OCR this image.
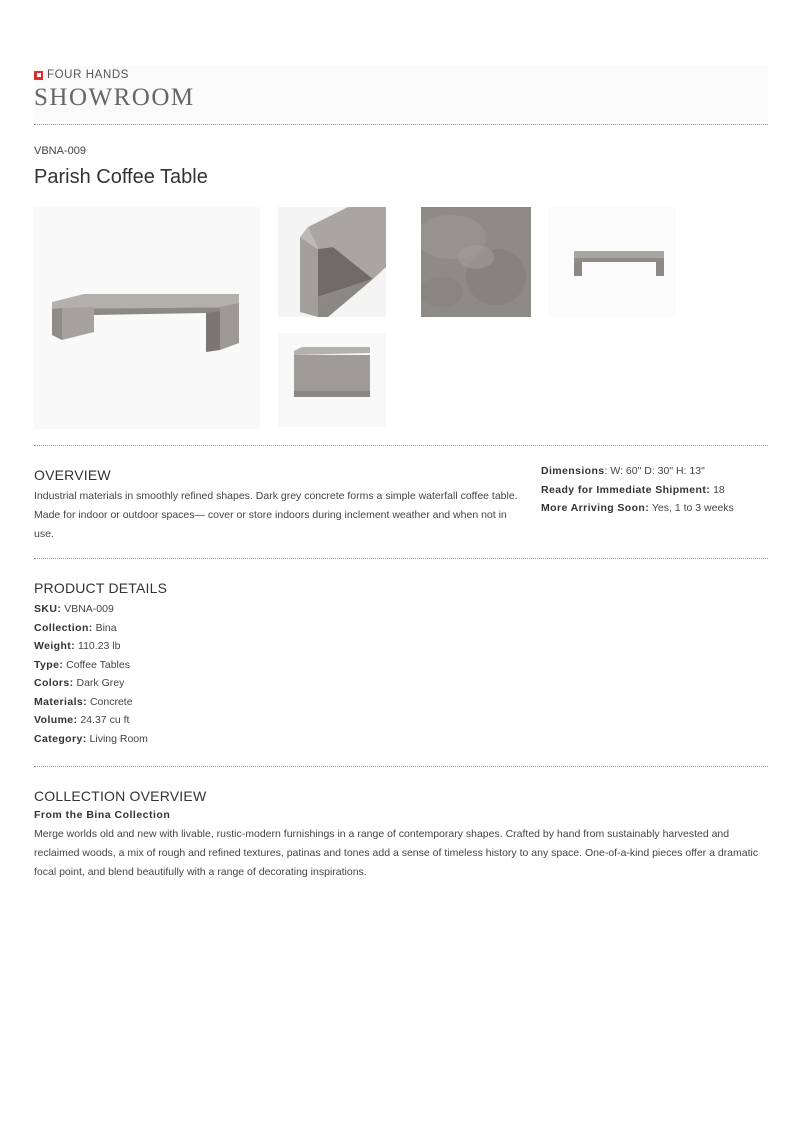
FOUR HANDS
SHOWROOM
VBNA-009
Parish Coffee Table
OVERVIEW
Industrial materials in smoothly refined shapes. Dark grey concrete forms a simple waterfall coffee table. Made for indoor or outdoor spaces— cover or store indoors during inclement weather and when not in use.
Dimensions: W: 60" D: 30" H: 13"
Ready for Immediate Shipment: 18
More Arriving Soon: Yes, 1 to 3 weeks
PRODUCT DETAILS
SKU: VBNA-009
Collection: Bina
Weight: 110.23 lb
Type: Coffee Tables
Colors: Dark Grey
Materials: Concrete
Volume: 24.37 cu ft
Category: Living Room
COLLECTION OVERVIEW
From the Bina Collection
Merge worlds old and new with livable, rustic-modern furnishings in a range of contemporary shapes. Crafted by hand from sustainably harvested and reclaimed woods, a mix of rough and refined textures, patinas and tones add a sense of timeless history to any space. One-of-a-kind pieces offer a dramatic focal point, and blend beautifully with a range of decorating inspirations.
